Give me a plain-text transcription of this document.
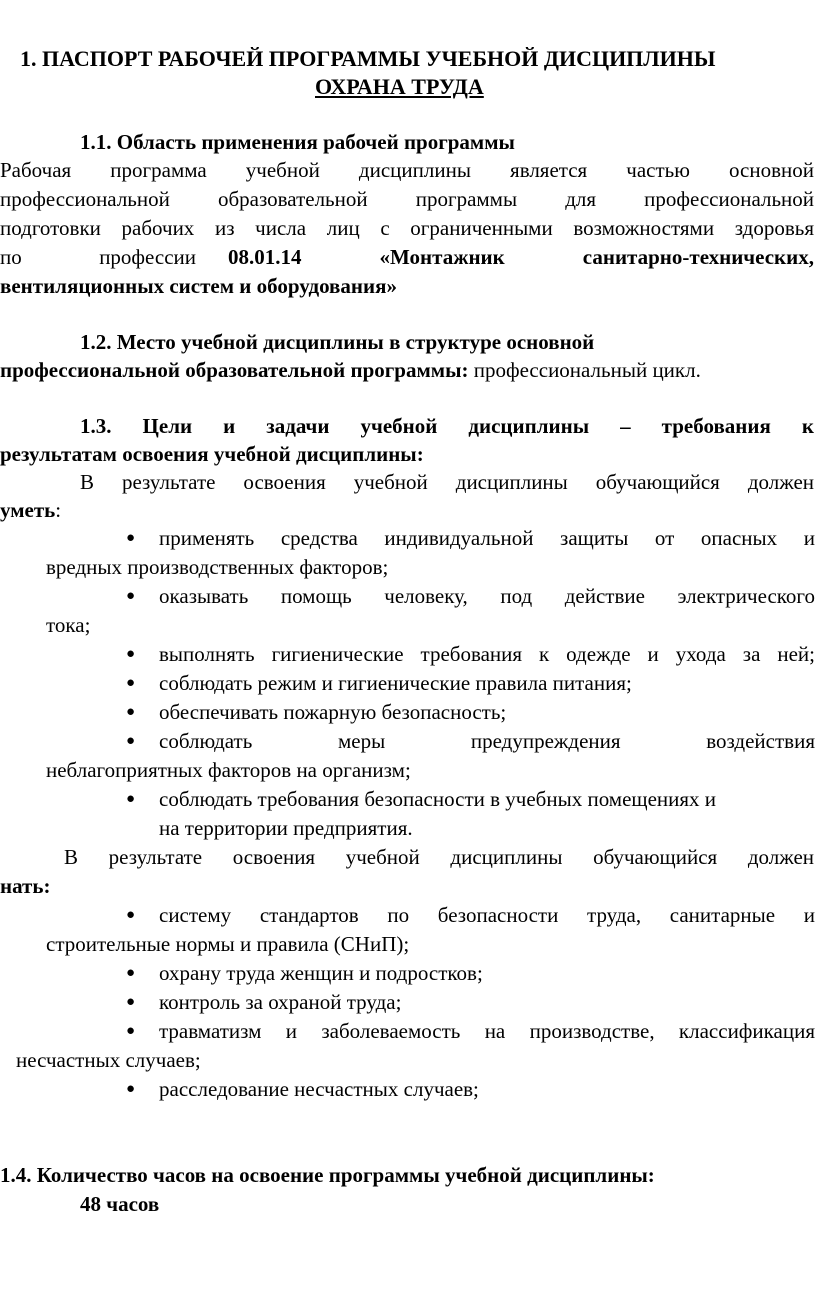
1. ПАСПОРТ РАБОЧЕЙ ПРОГРАММЫ УЧЕБНОЙ ДИСЦИПЛИНЫ
ОХРАНА ТРУДА
1.1. Область применения рабочей программы
Рабочая программа учебной дисциплины является частью основной
профессиональной образовательной программы для профессиональной
подготовки рабочих из числа лиц с ограниченными возможностями здоровья
по профессии 08.01.14 «Монтажник санитарно-технических,
вентиляционных систем и оборудования»
1.2. Место учебной дисциплины в структуре основной
профессиональной образовательной программы: профессиональный цикл.
1.3. Цели и задачи учебной дисциплины – требования к
результатам освоения учебной дисциплины:
В результате освоения учебной дисциплины обучающийся должен
уметь:
●	применять средства индивидуальной защиты от опасных и
вредных производственных факторов;
●	оказывать помощь человеку, под действие электрического
тока;
●	выполнять гигиенические требования к одежде и ухода за ней;
●	соблюдать режим и гигиенические правила питания;
●	обеспечивать пожарную безопасность;
●	соблюдать меры предупреждения воздействия
неблагоприятных факторов на организм;
●	соблюдать требования безопасности в учебных помещениях и
на территории предприятия.
В результате освоения учебной дисциплины обучающийся должен
нать:
●	систему стандартов по безопасности труда, санитарные и
строительные нормы и правила (СНиП);
●	охрану труда женщин и подростков;
●	контроль за охраной труда;
●	травматизм и заболеваемость на производстве, классификация
несчастных случаев;
●	расследование несчастных случаев;
1.4. Количество часов на освоение программы учебной дисциплины:
48 часов
